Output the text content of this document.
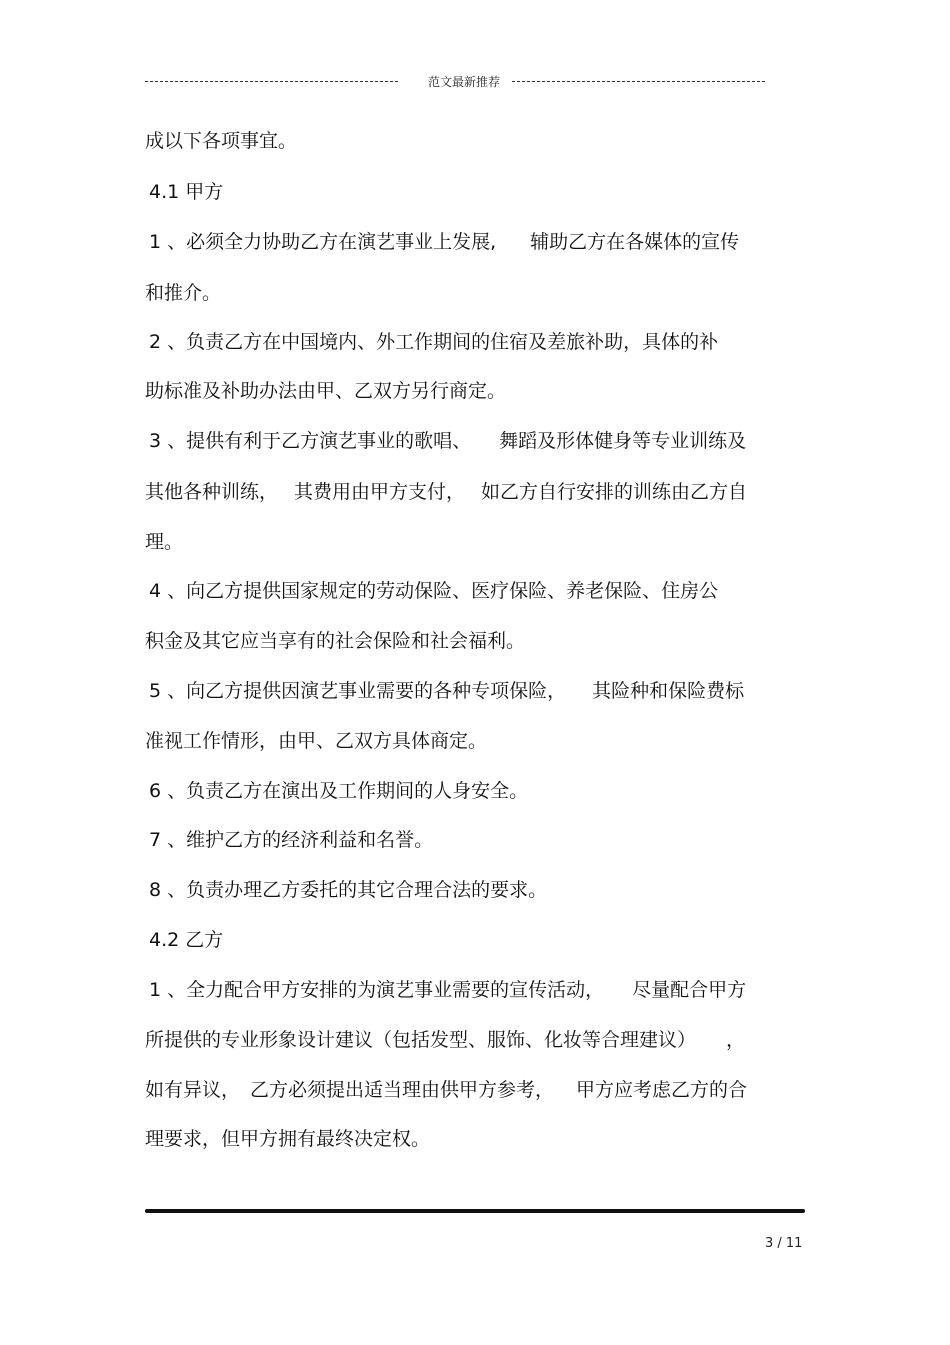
范文最新推荐
成以下各项事宜。
4.1 甲方
1 、必须全力协助乙方在演艺事业上发展, 辅助乙方在各媒体的宣传
和推介。
2 、负责乙方在中国境内、外工作期间的住宿及差旅补助，具体的补
助标准及补助办法由甲、乙双方另行商定。
3 、提供有利于乙方演艺事业的歌唱、 舞蹈及形体健身等专业训练及
其他各种训练， 其费用由甲方支付， 如乙方自行安排的训练由乙方自
理。
4 、向乙方提供国家规定的劳动保险、医疗保险、养老保险、住房公
积金及其它应当享有的社会保险和社会福利。
5 、向乙方提供因演艺事业需要的各种专项保险， 其险种和保险费标
准视工作情形，由甲、乙双方具体商定。
6 、负责乙方在演出及工作期间的人身安全。
7 、维护乙方的经济利益和名誉。
8 、负责办理乙方委托的其它合理合法的要求。
4.2 乙方
1 、全力配合甲方安排的为演艺事业需要的宣传活动， 尽量配合甲方
所提供的专业形象设计建议（包括发型、服饰、化妆等合理建议） ，
如有异议， 乙方必须提出适当理由供甲方参考， 甲方应考虑乙方的合
理要求，但甲方拥有最终决定权。
3 / 11
